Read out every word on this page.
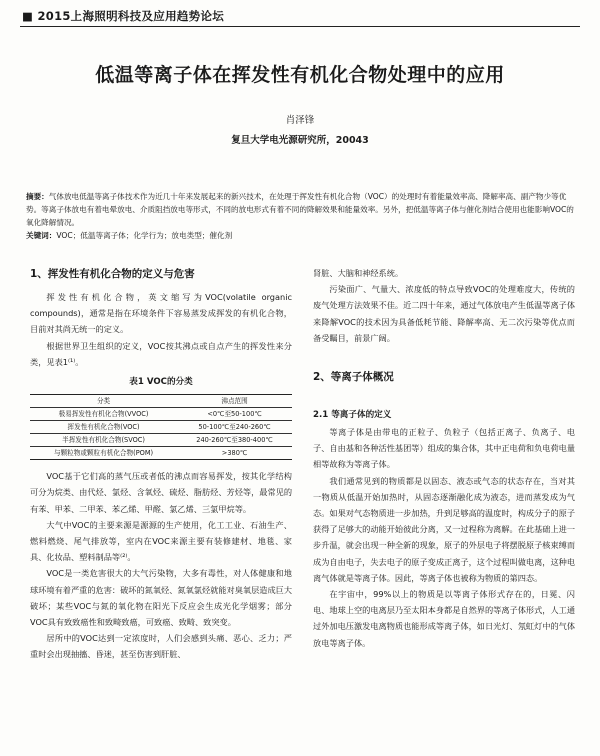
■ 2015上海照明科技及应用趋势论坛
低温等离子体在挥发性有机化合物处理中的应用
肖泽锋
复旦大学电光源研究所，20043
摘要：气体放电低温等离子体技术作为近几十年来发展起来的新兴技术，在处理于挥发性有机化合物（VOC）的处理时有着能量效率高、降解率高、副产物少等优势。等离子体放电有着电晕放电、介质阻挡放电等形式，不同的放电形式有着不同的降解效果和能量效率。另外，把低温等离子体与催化剂结合使用也能影响VOC的氧化降解情况。
关键词：VOC；低温等离子体；化学行为；放电类型；催化剂
1、挥发性有机化合物的定义与危害

挥发性有机化合物，英文缩写为VOC(volatile organic compounds)，通常是指在环境条件下容易蒸发成挥发的有机化合物，目前对其尚无统一的定义。

根据世界卫生组织的定义，VOC按其沸点或自点产生的挥发性来分类，见表1⁽¹⁾。

表1 VOC的分类
分类	沸点范围
极易挥发性有机化合物(VVOC)	<0℃至50-100℃
挥发性有机化合物(VOC)	50-100℃至240-260℃
半挥发性有机化合物(SVOC)	240-260℃至380-400℃
与颗粒物或颗粒有机化合物(POM)	>380℃

VOC基于它们高的蒸气压或者低的沸点而容易挥发，按其化学结构可分为烷类、由代烃、氯烃、含氧烃、硫烃、脂肪烃、芳烃等，最常见的有苯、甲苯、二甲苯、苯乙烯、甲醛、氯乙烯、三氯甲烷等。

大气中VOC的主要来源是源源的生产使用，化工工业、石油生产、燃料燃烧、尾气排放等，室内在VOC来源主要有装修建材、地毯、家具、化妆品、塑料制品等⁽²⁾。

VOC是一类危害很大的大气污染物，大多有毒性，对人体健康和地球环境有着严重的危害：破坏的氮氧烃、氮氧氯烃就能对臭氧层造成巨大破坏；某些VOC与氮的氧化物在阳光下反应会生成光化学烟雾；部分VOC具有致致癌性和致畸致癌，可致癌、致畸、致突变。

居所中的VOC达到一定浓度时，人们会感到头痛、恶心、乏力；严重时会出现抽搐、昏迷，甚至伤害到肝脏、

肾脏、大脑和神经系统。

污染面广、气量大、浓度低的特点导致VOC的处理难度大，传统的废气处理方法效果不佳。近二四十年来，通过气体放电产生低温等离子体来降解VOC的技术因为具备低耗节能、降解率高、无二次污染等优点而备受瞩目，前景广阔。

2、等离子体概况
2.1 等离子体的定义

等离子体是由带电的正粒子、负粒子（包括正离子、负离子、电子、自由基和各种活性基团等）组成的集合体，其中正电荷和负电荷电量相等故称为等离子体。

我们通常见到的物质都是以固态、液态或气态的状态存在，当对其一物质从低温开始加热时，从固态逐渐融化成为液态，进而蒸发成为气态。如果对气态物质进一步加热，升到足够高的温度时，构成分子的原子获得了足够大的动能开始彼此分离，又一过程称为离解。在此基础上进一步升温，就会出现一种全新的现象，原子的外层电子将摆脱原子核束缚而成为自由电子，失去电子的原子变成正离子，这个过程叫做电离，这种电离气体就是等离子体。因此，等离子体也被称为物质的第四态。

在宇宙中，99%以上的物质是以等离子体形式存在的，日冕、闪电、地球上空的电离层乃至太阳本身都是自然界的等离子体形式，人工通过外加电压激发电离物质也能形成等离子体，如日光灯、氖虹灯中的气体放电等离子体。
